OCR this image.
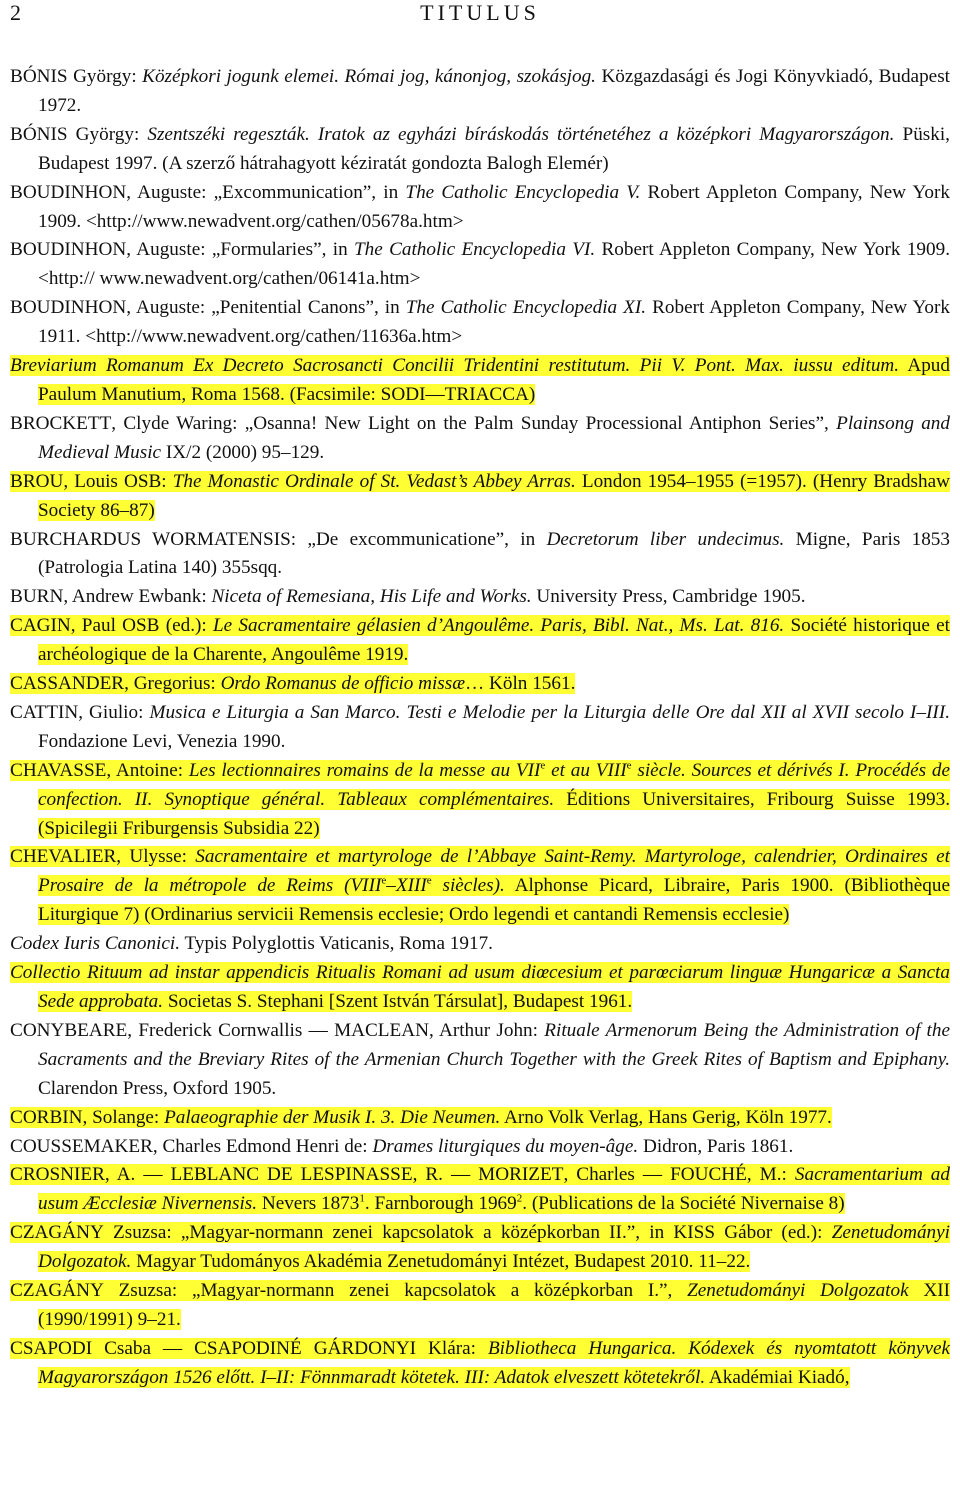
2	TITULUS

BÓNIS György: Középkori jogunk elemei. Római jog, kánonjog, szokásjog. Közgazdasági és Jogi Könyvkiadó, Budapest 1972.

BÓNIS György: Szentszéki regeszták. Iratok az egyházi bíráskodás történetéhez a középkori Magyarországon. Püski, Budapest 1997. (A szerző hátrahagyott kéziratát gondozta Balogh Elemér)

BOUDINHON, Auguste: „Excommunication”, in The Catholic Encyclopedia V. Robert Appleton Company, New York 1909. <http://www.newadvent.org/cathen/05678a.htm>

BOUDINHON, Auguste: „Formularies”, in The Catholic Encyclopedia VI. Robert Appleton Company, New York 1909. <http:// www.newadvent.org/cathen/06141a.htm>

BOUDINHON, Auguste: „Penitential Canons”, in The Catholic Encyclopedia XI. Robert Appleton Company, New York 1911. <http://www.newadvent.org/cathen/11636a.htm>

Breviarium Romanum Ex Decreto Sacrosancti Concilii Tridentini restitutum. Pii V. Pont. Max. iussu editum. Apud Paulum Manutium, Roma 1568. (Facsimile: SODI—TRIACCA)

BROCKETT, Clyde Waring: „Osanna! New Light on the Palm Sunday Processional Antiphon Series”, Plainsong and Medieval Music IX/2 (2000) 95–129.

BROU, Louis OSB: The Monastic Ordinale of St. Vedast’s Abbey Arras. London 1954–1955 (=1957). (Henry Bradshaw Society 86–87)

BURCHARDUS WORMATENSIS: „De excommunicatione”, in Decretorum liber undecimus. Migne, Paris 1853 (Patrologia Latina 140) 355sqq.

BURN, Andrew Ewbank: Niceta of Remesiana, His Life and Works. University Press, Cambridge 1905.

CAGIN, Paul OSB (ed.): Le Sacramentaire gélasien d’Angoulême. Paris, Bibl. Nat., Ms. Lat. 816. Société historique et archéologique de la Charente, Angoulême 1919.

CASSANDER, Gregorius: Ordo Romanus de officio missæ… Köln 1561.

CATTIN, Giulio: Musica e Liturgia a San Marco. Testi e Melodie per la Liturgia delle Ore dal XII al XVII secolo I–III. Fondazione Levi, Venezia 1990.

CHAVASSE, Antoine: Les lectionnaires romains de la messe au VIIe et au VIIIe siècle. Sources et dérivés I. Procédés de confection. II. Synoptique général. Tableaux complémentaires. Éditions Universitaires, Fribourg Suisse 1993. (Spicilegii Friburgensis Subsidia 22)

CHEVALIER, Ulysse: Sacramentaire et martyrologe de l’Abbaye Saint-Remy. Martyrologe, calendrier, Ordinaires et Prosaire de la métropole de Reims (VIIIe–XIIIe siècles). Alphonse Picard, Libraire, Paris 1900. (Bibliothèque Liturgique 7) (Ordinarius servicii Remensis ecclesie; Ordo legendi et cantandi Remensis ecclesie)

Codex Iuris Canonici. Typis Polyglottis Vaticanis, Roma 1917.

Collectio Rituum ad instar appendicis Ritualis Romani ad usum diœcesium et parœciarum linguæ Hungaricæ a Sancta Sede approbata. Societas S. Stephani [Szent István Társulat], Budapest 1961.

CONYBEARE, Frederick Cornwallis — MACLEAN, Arthur John: Rituale Armenorum Being the Administration of the Sacraments and the Breviary Rites of the Armenian Church Together with the Greek Rites of Baptism and Epiphany. Clarendon Press, Oxford 1905.

CORBIN, Solange: Palaeographie der Musik I. 3. Die Neumen. Arno Volk Verlag, Hans Gerig, Köln 1977.

COUSSEMAKER, Charles Edmond Henri de: Drames liturgiques du moyen-âge. Didron, Paris 1861.

CROSNIER, A. — LEBLANC DE LESPINASSE, R. — MORIZET, Charles — FOUCHÉ, M.: Sacramentarium ad usum Æcclesiæ Nivernensis. Nevers 1873$^1$. Farnborough 1969$^2$. (Publications de la Société Nivernaise 8)

CZAGÁNY Zsuzsa: „Magyar-normann zenei kapcsolatok a középkorban II.”, in KISS Gábor (ed.): Zenetudományi Dolgozatok. Magyar Tudományos Akadémia Zenetudományi Intézet, Budapest 2010. 11–22.

CZAGÁNY Zsuzsa: „Magyar-normann zenei kapcsolatok a középkorban I.”, Zenetudományi Dolgozatok XII (1990/1991) 9–21.

CSAPODI Csaba — CSAPODINÉ GÁRDONYI Klára: Bibliotheca Hungarica. Kódexek és nyomtatott könyvek Magyarországon 1526 előtt. I–II: Fönnmaradt kötetek. III: Adatok elveszett kötetekről. Akadémiai Kiadó,
